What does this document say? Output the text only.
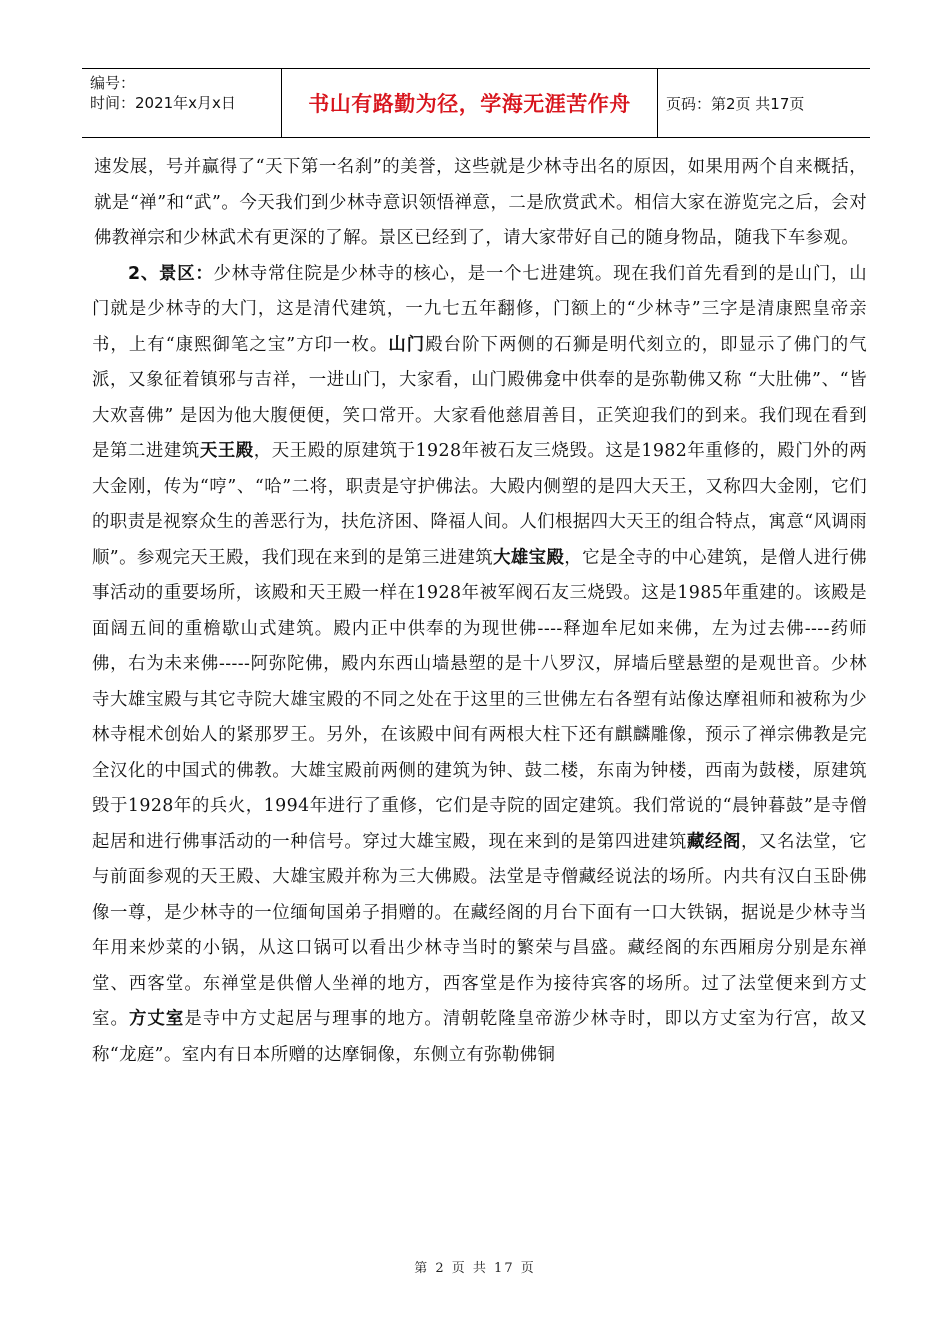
编号：
时间：2021年x月x日	书山有路勤为径，学海无涯苦作舟	页码：第2页 共17页

速发展，号并赢得了“天下第一名刹”的美誉，这些就是少林寺出名的原因，如果用两个自来概括，就是“禅”和“武”。今天我们到少林寺意识领悟禅意，二是欣赏武术。相信大家在游览完之后，会对佛教禅宗和少林武术有更深的了解。景区已经到了，请大家带好自己的随身物品，随我下车参观。

2、景区：少林寺常住院是少林寺的核心，是一个七进建筑。现在我们首先看到的是山门，山门就是少林寺的大门，这是清代建筑，一九七五年翻修，门额上的“少林寺”三字是清康熙皇帝亲书，上有“康熙御笔之宝”方印一枚。山门殿台阶下两侧的石狮是明代刻立的，即显示了佛门的气派，又象征着镇邪与吉祥，一进山门，大家看，山门殿佛龛中供奉的是弥勒佛又称 “大肚佛”、“皆大欢喜佛” 是因为他大腹便便，笑口常开。大家看他慈眉善目，正笑迎我们的到来。我们现在看到是第二进建筑天王殿，天王殿的原建筑于1928年被石友三烧毁。这是1982年重修的，殿门外的两大金刚，传为“哼”、“哈”二将，职责是守护佛法。大殿内侧塑的是四大天王，又称四大金刚，它们的职责是视察众生的善恶行为，扶危济困、降福人间。人们根据四大天王的组合特点，寓意“风调雨顺”。参观完天王殿，我们现在来到的是第三进建筑大雄宝殿，它是全寺的中心建筑，是僧人进行佛事活动的重要场所，该殿和天王殿一样在1928年被军阀石友三烧毁。这是1985年重建的。该殿是面阔五间的重檐歇山式建筑。殿内正中供奉的为现世佛----释迦牟尼如来佛，左为过去佛----药师佛，右为未来佛-----阿弥陀佛，殿内东西山墙悬塑的是十八罗汉，屏墙后壁悬塑的是观世音。少林寺大雄宝殿与其它寺院大雄宝殿的不同之处在于这里的三世佛左右各塑有站像达摩祖师和被称为少林寺棍术创始人的紧那罗王。另外，在该殿中间有两根大柱下还有麒麟雕像，预示了禅宗佛教是完全汉化的中国式的佛教。大雄宝殿前两侧的建筑为钟、鼓二楼，东南为钟楼，西南为鼓楼，原建筑毁于1928年的兵火，1994年进行了重修，它们是寺院的固定建筑。我们常说的“晨钟暮鼓”是寺僧起居和进行佛事活动的一种信号。穿过大雄宝殿，现在来到的是第四进建筑藏经阁，又名法堂，它与前面参观的天王殿、大雄宝殿并称为三大佛殿。法堂是寺僧藏经说法的场所。内共有汉白玉卧佛像一尊，是少林寺的一位缅甸国弟子捐赠的。在藏经阁的月台下面有一口大铁锅，据说是少林寺当年用来炒菜的小锅，从这口锅可以看出少林寺当时的繁荣与昌盛。藏经阁的东西厢房分别是东禅堂、西客堂。东禅堂是供僧人坐禅的地方，西客堂是作为接待宾客的场所。过了法堂便来到方丈室。方丈室是寺中方丈起居与理事的地方。清朝乾隆皇帝游少林寺时，即以方丈室为行宫，故又称“龙庭”。室内有日本所赠的达摩铜像，东侧立有弥勒佛铜

第 2 页 共 17 页
